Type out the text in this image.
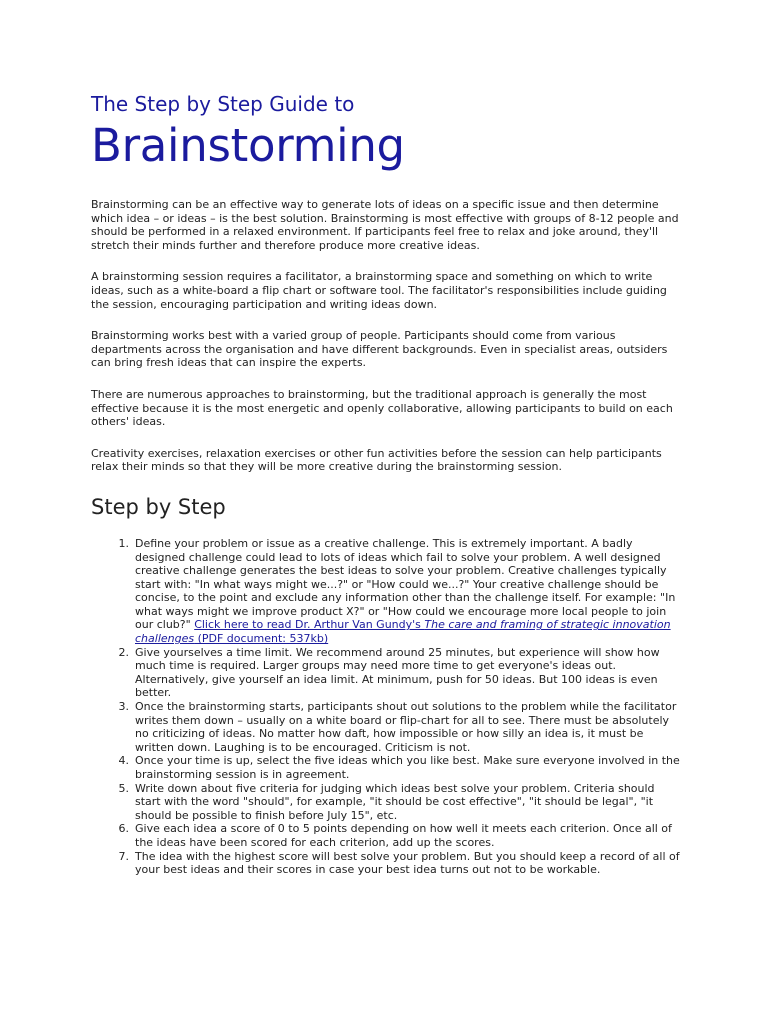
The Step by Step Guide to
Brainstorming

Brainstorming can be an effective way to generate lots of ideas on a specific issue and then determine which idea – or ideas – is the best solution. Brainstorming is most effective with groups of 8-12 people and should be performed in a relaxed environment. If participants feel free to relax and joke around, they'll stretch their minds further and therefore produce more creative ideas.

A brainstorming session requires a facilitator, a brainstorming space and something on which to write ideas, such as a white-board a flip chart or software tool. The facilitator's responsibilities include guiding the session, encouraging participation and writing ideas down.

Brainstorming works best with a varied group of people. Participants should come from various departments across the organisation and have different backgrounds. Even in specialist areas, outsiders can bring fresh ideas that can inspire the experts.

There are numerous approaches to brainstorming, but the traditional approach is generally the most effective because it is the most energetic and openly collaborative, allowing participants to build on each others' ideas.

Creativity exercises, relaxation exercises or other fun activities before the session can help participants relax their minds so that they will be more creative during the brainstorming session.

Step by Step
1. Define your problem or issue as a creative challenge. This is extremely important. A badly designed challenge could lead to lots of ideas which fail to solve your problem. A well designed creative challenge generates the best ideas to solve your problem. Creative challenges typically start with: "In what ways might we...?" or "How could we...?" Your creative challenge should be concise, to the point and exclude any information other than the challenge itself. For example: "In what ways might we improve product X?" or "How could we encourage more local people to join our club?" Click here to read Dr. Arthur Van Gundy's The care and framing of strategic innovation challenges (PDF document: 537kb)
2. Give yourselves a time limit. We recommend around 25 minutes, but experience will show how much time is required. Larger groups may need more time to get everyone's ideas out. Alternatively, give yourself an idea limit. At minimum, push for 50 ideas. But 100 ideas is even better.
3. Once the brainstorming starts, participants shout out solutions to the problem while the facilitator writes them down – usually on a white board or flip-chart for all to see. There must be absolutely no criticizing of ideas. No matter how daft, how impossible or how silly an idea is, it must be written down. Laughing is to be encouraged. Criticism is not.
4. Once your time is up, select the five ideas which you like best. Make sure everyone involved in the brainstorming session is in agreement.
5. Write down about five criteria for judging which ideas best solve your problem. Criteria should start with the word "should", for example, "it should be cost effective", "it should be legal", "it should be possible to finish before July 15", etc.
6. Give each idea a score of 0 to 5 points depending on how well it meets each criterion. Once all of the ideas have been scored for each criterion, add up the scores.
7. The idea with the highest score will best solve your problem. But you should keep a record of all of your best ideas and their scores in case your best idea turns out not to be workable.
